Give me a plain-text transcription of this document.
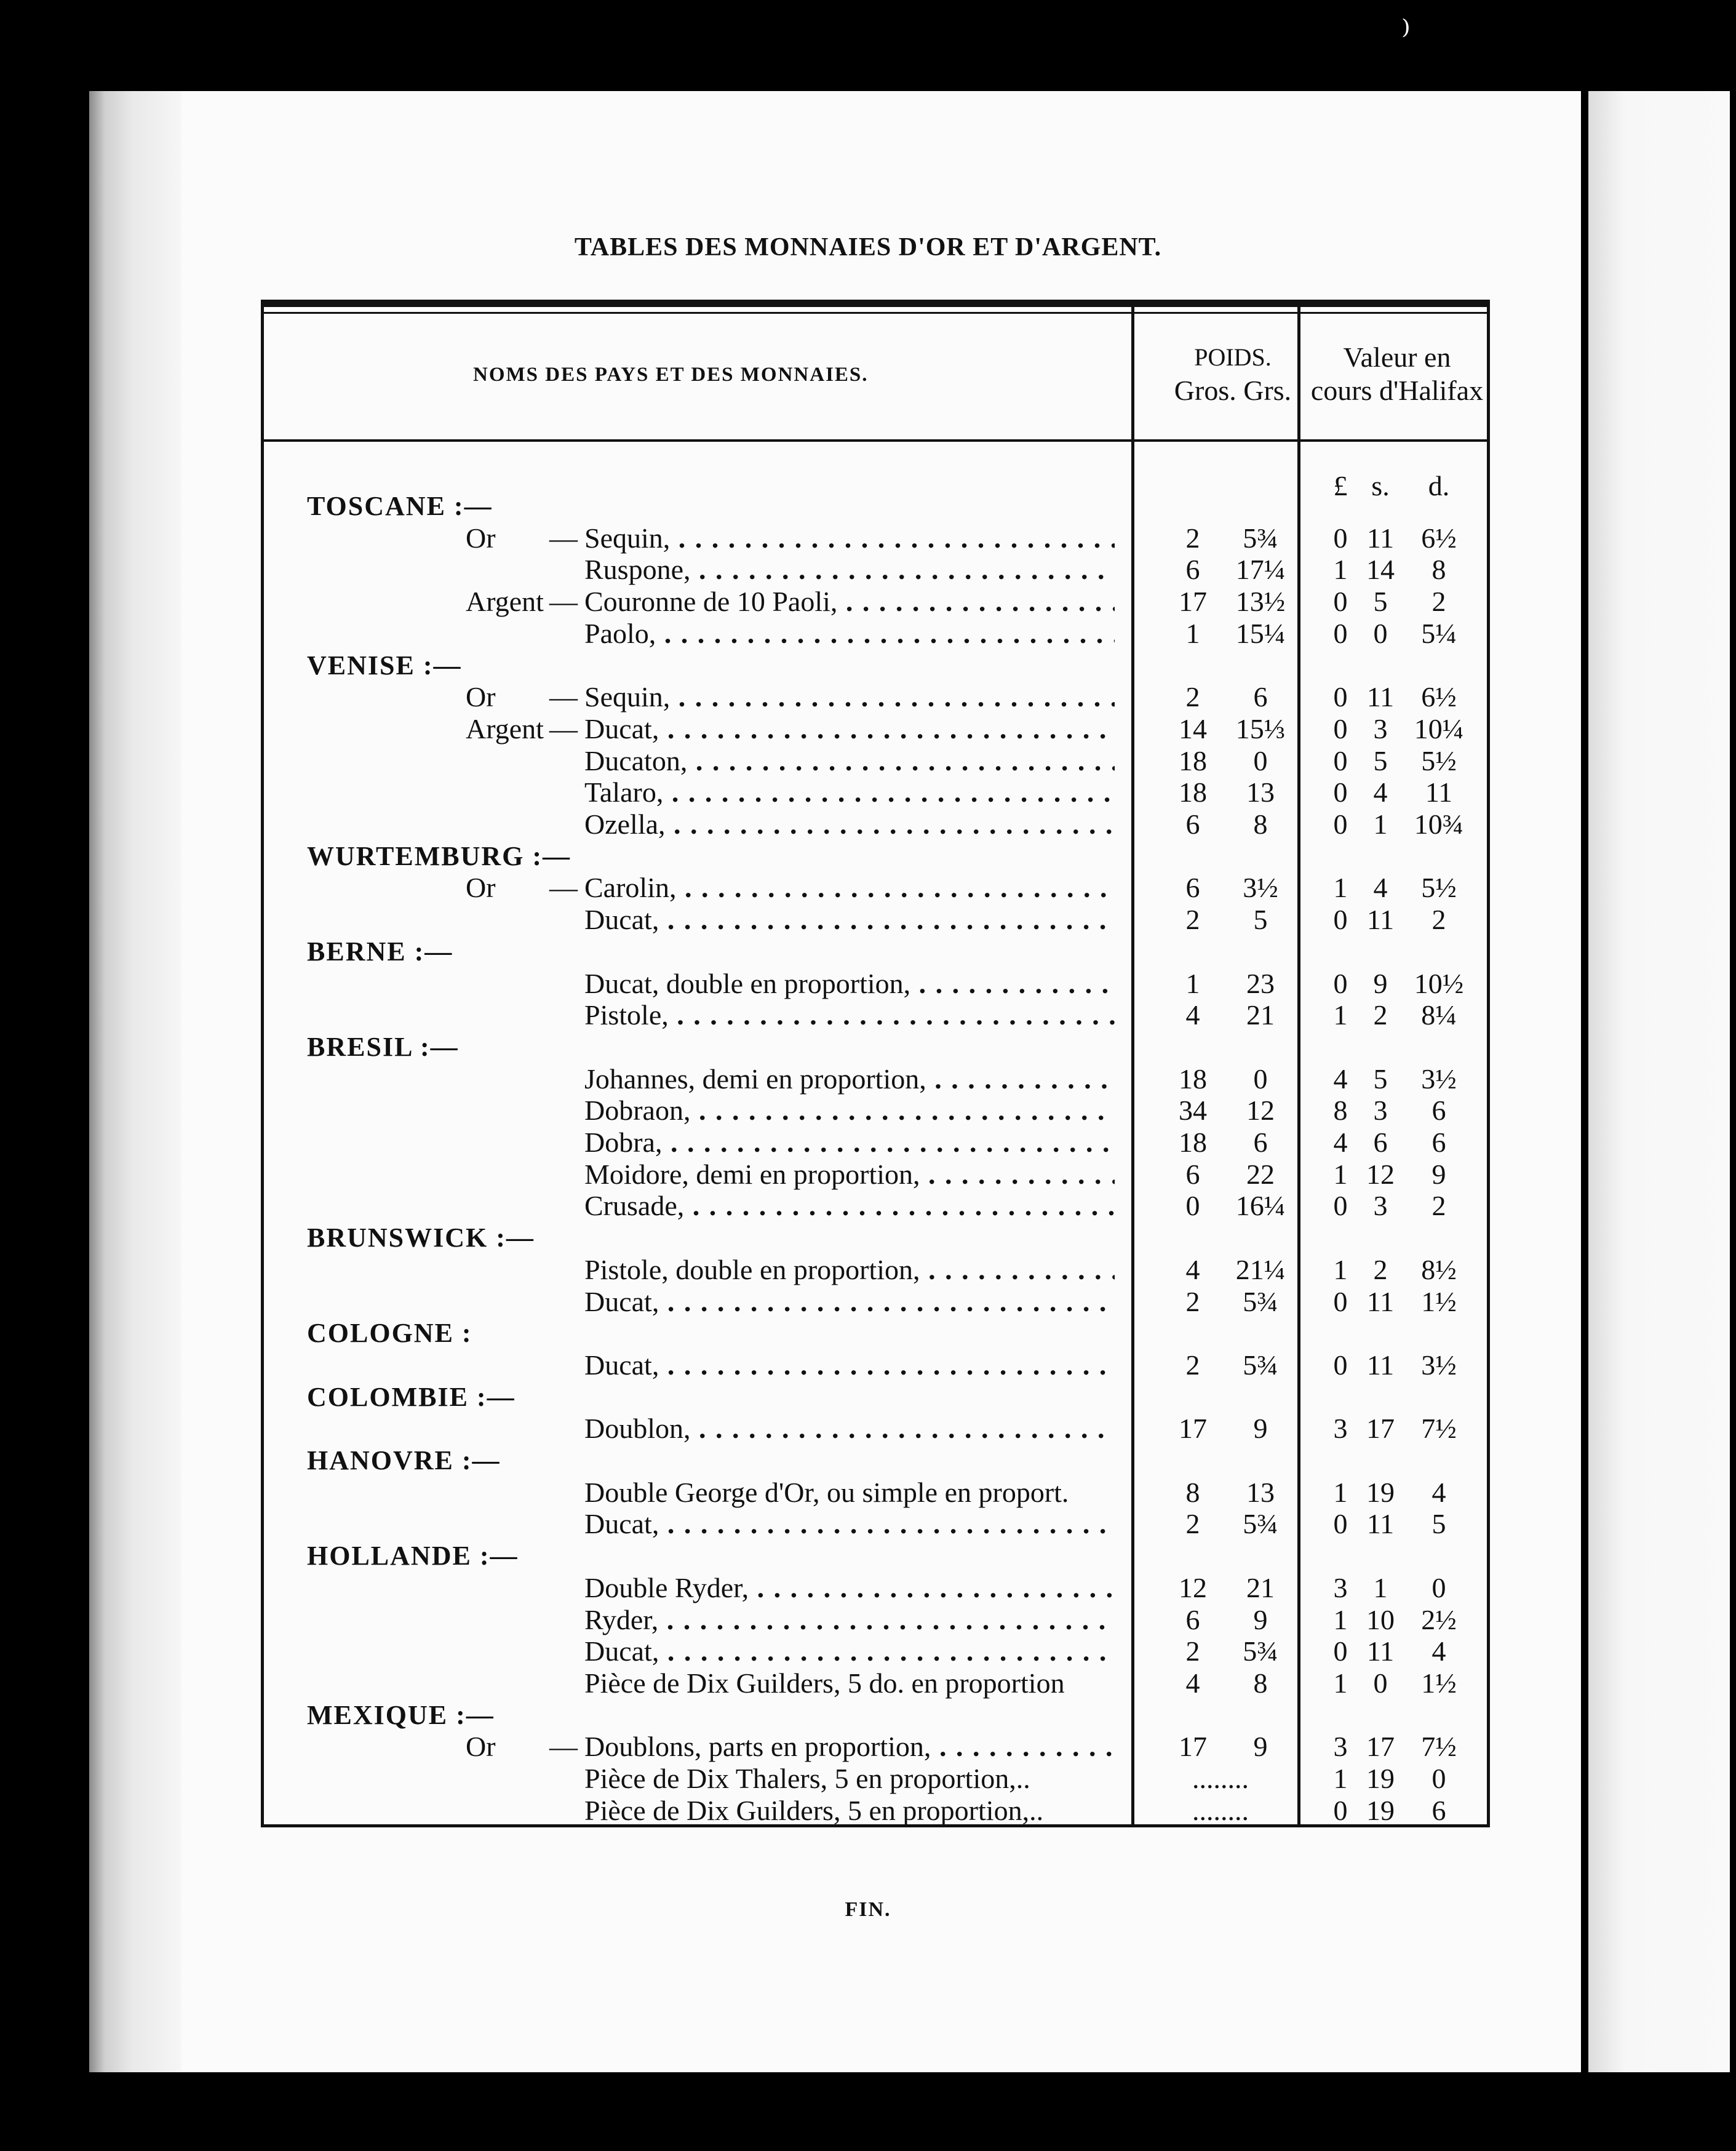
⁾
TABLES DES MONNAIES D'OR ET D'ARGENT.
NOMS DES PAYS ET DES MONNAIES.
POIDS.
Gros. Grs.
Valeur en
cours d'Halifax
£ s.	d.
TOSCANE :—
Or — Sequin, . . .	2	5¾	0 11 6½
Ruspone, . . .	6	17¼	1 14	8
Argent — Couronne de 10 Paoli, . . .	17	13½	0 5	2
Paolo, . . .	1	15¼	0 0	5¼
VENISE :—
Or — Sequin, . . .	2	6	0 11 6½
Argent — Ducat, . . .	14	15⅓	0 3 10¼
Ducaton, . . .	18	0	0 5	5½
Talaro, . . .	18	13	0 4	11
Ozella, . . .	6	8	0 1 10¾
WURTEMBURG :—
Or — Carolin, . . .	6	3½	1 4	5½
Ducat, . . .	2	5	0 11	2
BERNE :—
Ducat, double en proportion, . . .	1	23	0 9 10½
Pistole, . . .	4	21	1 2	8¼
BRESIL :—
Johannes, demi en proportion, . . .	18	0	4 5	3½
Dobraon, . . .	34	12	8 3	6
Dobra, . . .	18	6	4 6	6
Moidore, demi en proportion, . . .	6	22	1 12	9
Crusade, . . .	0	16¼	0 3	2
BRUNSWICK :—
Pistole, double en proportion, . . .	4	21¼	1 2	8½
Ducat, . . .	2	5¾	0 11 1½
COLOGNE :
Ducat, . . .	2	5¾	0 11 3½
COLOMBIE :—
Doublon, . . .	17	9	3 17 7½
HANOVRE :—
Double George d'Or, ou simple en proport.	8	13	1 19	4
Ducat, . . .	2	5¾	0 11	5
HOLLANDE :—
Double Ryder, . . .	12	21	3 1	0
Ryder, . . .	6	9	1 10 2½
Ducat, . . .	2	5¾	0 11	4
Pièce de Dix Guilders, 5 do. en proportion	4	8	1 0	1½
MEXIQUE :—
Or — Doublons, parts en proportion, . . .	17	9	3 17 7½
Pièce de Dix Thalers, 5 en proportion,..	........	1 19	0
Pièce de Dix Guilders, 5 en proportion,..	........	0 19	6
FIN.
